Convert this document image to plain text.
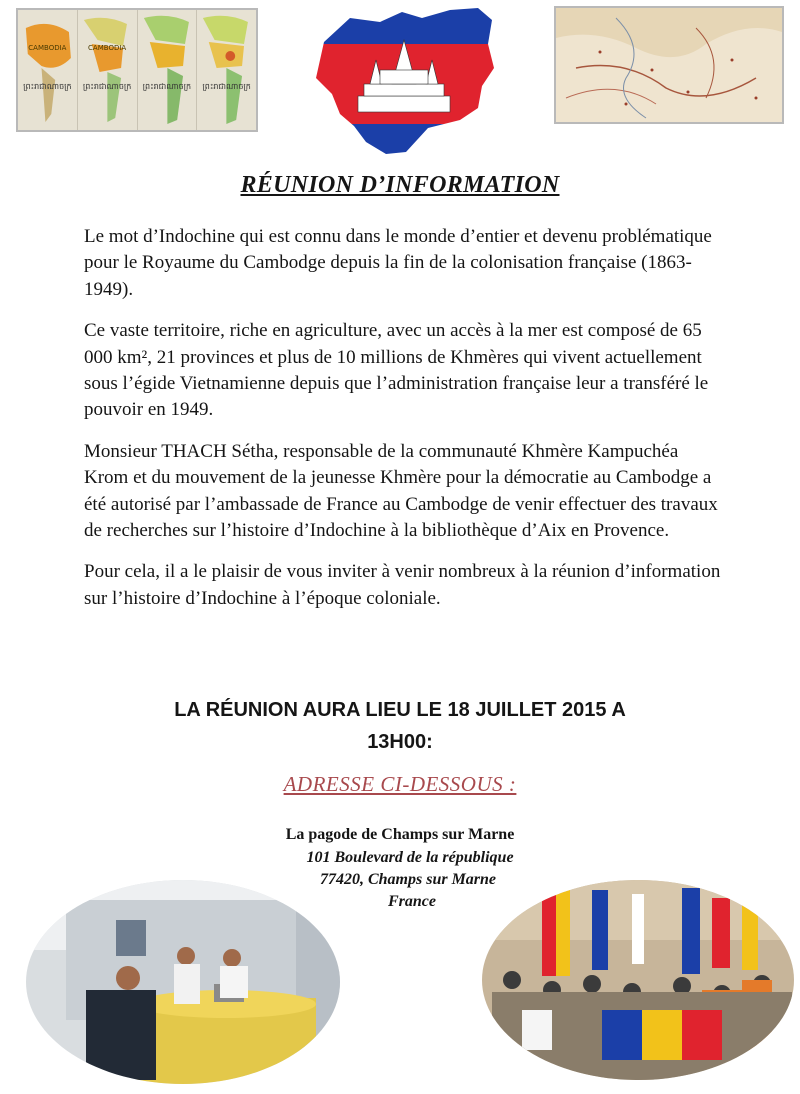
CAMBODIA
ព្រះរាជាណាចក្រ
CAMBODIA
ព្រះរាជាណាចក្រ ព្រះរាជាណាចក្រ ព្រះរាជាណាចក្រ
RÉUNION D’INFORMATION

Le mot d’Indochine qui est connu dans le monde d’entier et devenu problématique pour le Royaume du Cambodge depuis la fin de la colonisation française (1863-1949).

Ce vaste territoire, riche en agriculture, avec un accès à la mer est composé de 65 000 km², 21 provinces et plus de 10 millions de Khmères qui vivent actuellement sous l’égide Vietnamienne depuis que l’administration française leur a transféré le pouvoir en 1949.

Monsieur THACH Sétha, responsable de la communauté Khmère Kampuchéa Krom et du mouvement de la jeunesse Khmère pour la démocratie au Cambodge a été autorisé par l’ambassade de France au Cambodge de venir effectuer des travaux de recherches sur l’histoire d’Indochine à la bibliothèque d’Aix en Provence.

Pour cela, il a le plaisir de vous inviter à venir nombreux à la réunion d’information sur l’histoire d’Indochine à l’époque coloniale.

LA RÉUNION AURA LIEU LE 18 JUILLET 2015 A
13H00:
ADRESSE CI-DESSOUS :
La pagode de Champs sur Marne
101 Boulevard de la république
77420, Champs sur Marne
France
